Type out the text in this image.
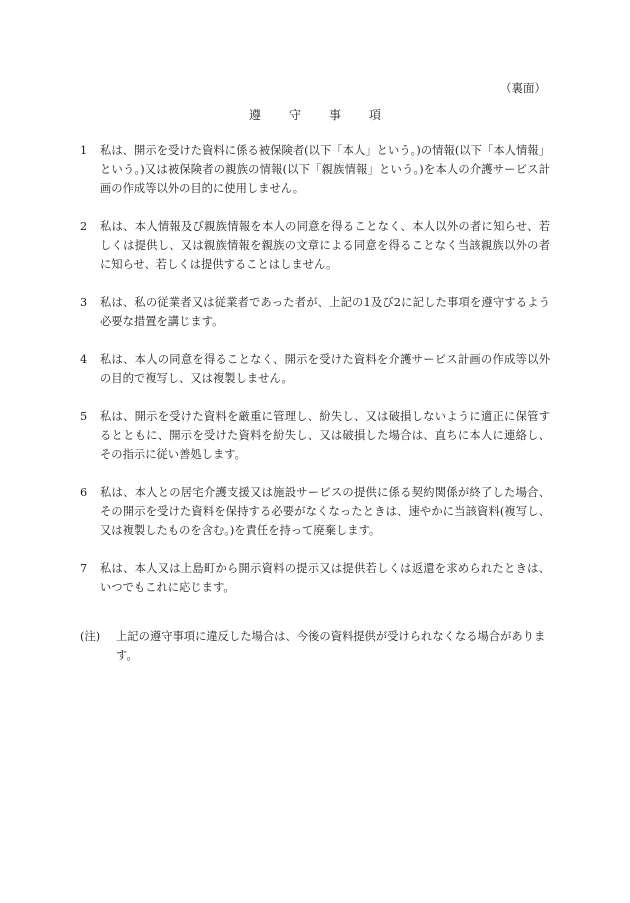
（裏面）
遵守事項
1	私は、開示を受けた資料に係る被保険者(以下「本人」という。)の情報(以下「本人情報」という。)又は被保険者の親族の情報(以下「親族情報」という。)を本人の介護サービス計画の作成等以外の目的に使用しません。
2	私は、本人情報及び親族情報を本人の同意を得ることなく、本人以外の者に知らせ、若しくは提供し、又は親族情報を親族の文章による同意を得ることなく当該親族以外の者に知らせ、若しくは提供することはしません。
3	私は、私の従業者又は従業者であった者が、上記の1及び2に記した事項を遵守するよう必要な措置を講じます。
4	私は、本人の同意を得ることなく、開示を受けた資料を介護サービス計画の作成等以外の目的で複写し、又は複製しません。
5	私は、開示を受けた資料を厳重に管理し、紛失し、又は破損しないように適正に保管するとともに、開示を受けた資料を紛失し、又は破損した場合は、直ちに本人に連絡し、その指示に従い善処します。
6	私は、本人との居宅介護支援又は施設サービスの提供に係る契約関係が終了した場合、その開示を受けた資料を保持する必要がなくなったときは、速やかに当該資料(複写し、又は複製したものを含む。)を責任を持って廃棄します。
7	私は、本人又は上島町から開示資料の提示又は提供若しくは返還を求められたときは、いつでもこれに応じます。
(注)	上記の遵守事項に違反した場合は、今後の資料提供が受けられなくなる場合があります。
